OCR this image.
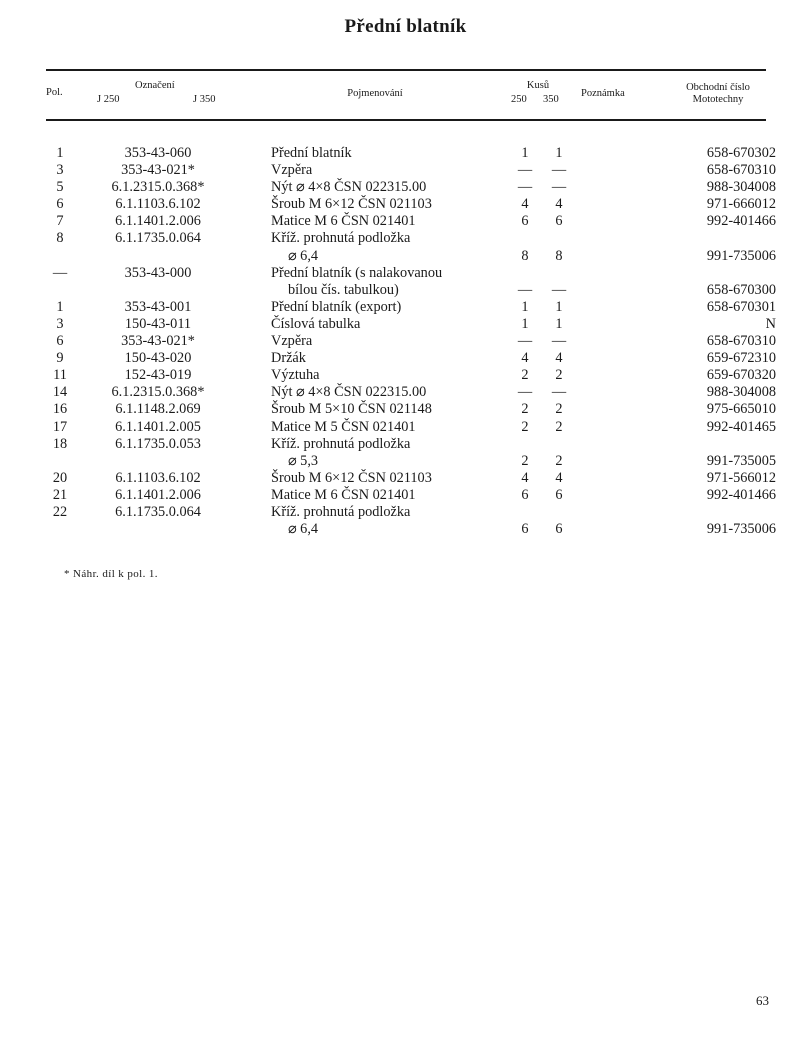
Přední blatník
Pol.
Označení
J 250	J 350
Pojmenování
Kusů
250 350
Poznámka
Obchodní číslo
Mototechny
1	353-43-060	Přední blatník	1	1	658-670302
3	353-43-021*	Vzpěra	— —	658-670310
5	6.1.2315.0.368*	Nýt ⌀ 4×8 ČSN 022315.00	— —	988-304008
6	6.1.1103.6.102	Šroub M 6×12 ČSN 021103	4	4	971-666012
7	6.1.1401.2.006	Matice M 6 ČSN 021401	6	6	992-401466
8	6.1.1735.0.064	Kříž. prohnutá podložka
⌀ 6,4	8	8	991-735006
—	353-43-000	Přední blatník (s nalakovanou
bílou čís. tabulkou)	— —	658-670300
1	353-43-001	Přední blatník (export)	1	1	658-670301
3	150-43-011	Číslová tabulka	1	1	N
6	353-43-021*	Vzpěra	— —	658-670310
9	150-43-020	Držák	4	4	659-672310
11	152-43-019	Výztuha	2	2	659-670320
14	6.1.2315.0.368*	Nýt ⌀ 4×8 ČSN 022315.00	— —	988-304008
16	6.1.1148.2.069	Šroub M 5×10 ČSN 021148	2	2	975-665010
17	6.1.1401.2.005	Matice M 5 ČSN 021401	2	2	992-401465
18	6.1.1735.0.053	Kříž. prohnutá podložka
⌀ 5,3	2	2	991-735005
20	6.1.1103.6.102	Šroub M 6×12 ČSN 021103	4	4	971-566012
21	6.1.1401.2.006	Matice M 6 ČSN 021401	6	6	992-401466
22	6.1.1735.0.064	Kříž. prohnutá podložka
⌀ 6,4	6	6	991-735006
* Náhr. díl k pol. 1.
63
